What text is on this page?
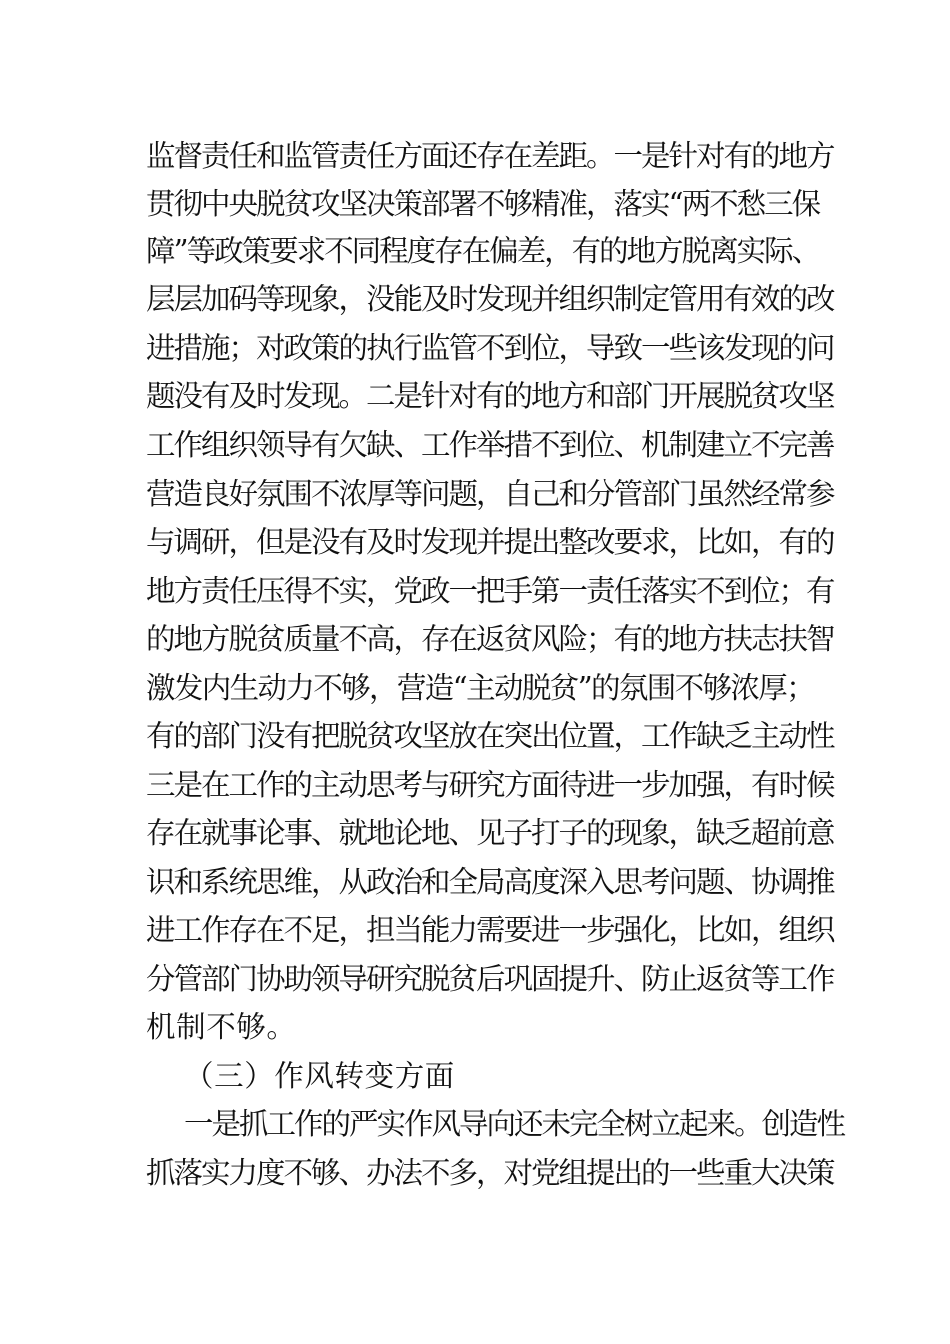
监督责任和监管责任方面还存在差距。一是针对有的地方
贯彻中央脱贫攻坚决策部署不够精准，落实“两不愁三保
障”等政策要求不同程度存在偏差，有的地方脱离实际、
层层加码等现象，没能及时发现并组织制定管用有效的改
进措施；对政策的执行监管不到位，导致一些该发现的问
题没有及时发现。二是针对有的地方和部门开展脱贫攻坚
工作组织领导有欠缺、工作举措不到位、机制建立不完善
营造良好氛围不浓厚等问题，自己和分管部门虽然经常参
与调研，但是没有及时发现并提出整改要求，比如，有的
地方责任压得不实，党政一把手第一责任落实不到位；有
的地方脱贫质量不高，存在返贫风险；有的地方扶志扶智
激发内生动力不够，营造“主动脱贫”的氛围不够浓厚；
有的部门没有把脱贫攻坚放在突出位置，工作缺乏主动性
三是在工作的主动思考与研究方面待进一步加强，有时候
存在就事论事、就地论地、见子打子的现象，缺乏超前意
识和系统思维，从政治和全局高度深入思考问题、协调推
进工作存在不足，担当能力需要进一步强化，比如，组织
分管部门协助领导研究脱贫后巩固提升、防止返贫等工作
机制不够。
（三）作风转变方面
一是抓工作的严实作风导向还未完全树立起来。创造性
抓落实力度不够、办法不多，对党组提出的一些重大决策
